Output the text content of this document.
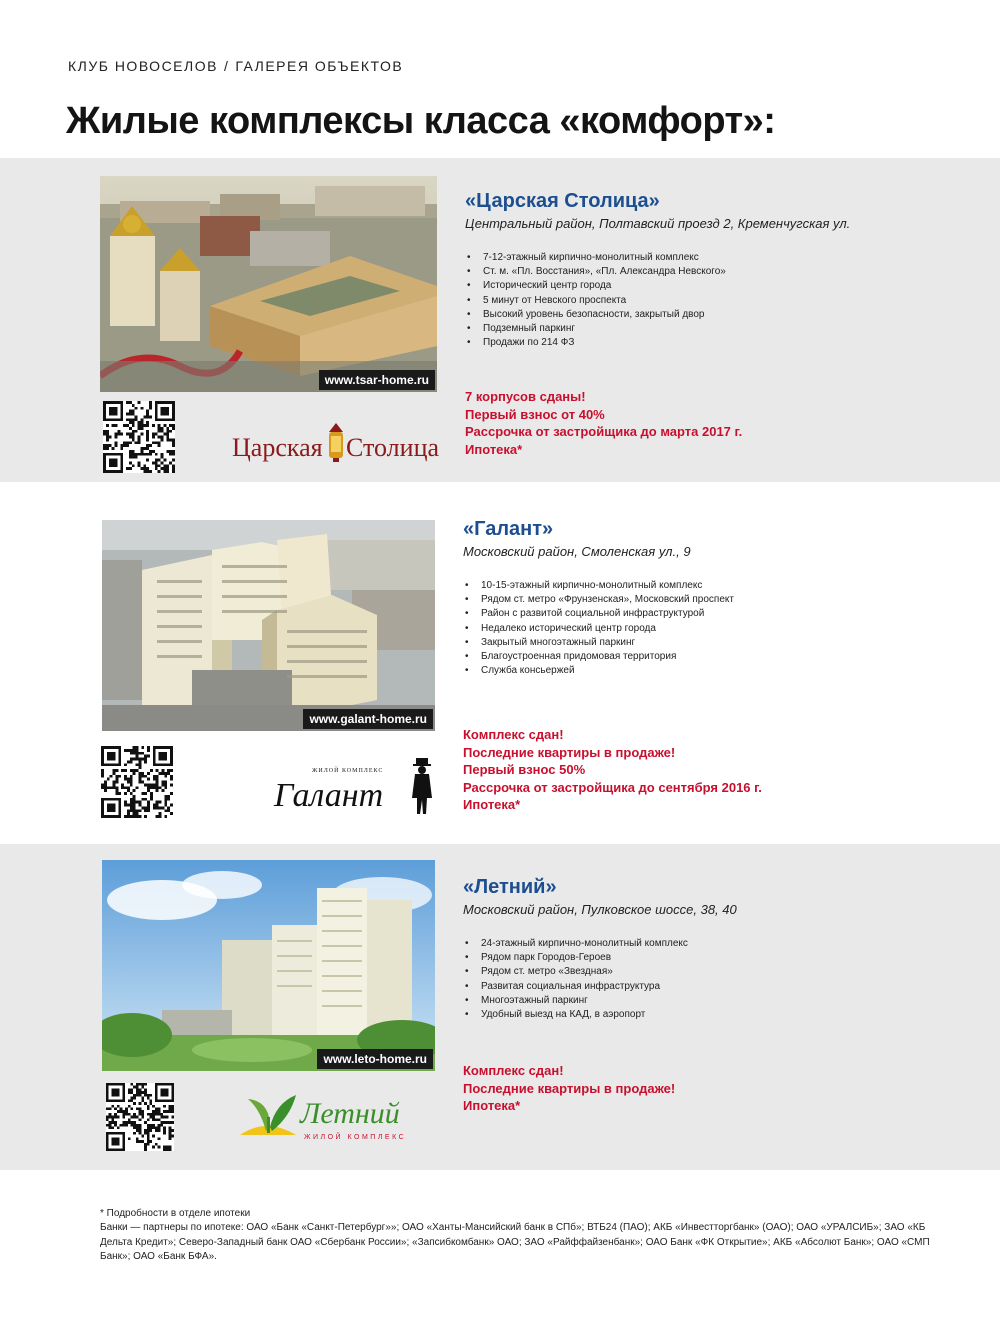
КЛУБ НОВОСЕЛОВ / ГАЛЕРЕЯ ОБЪЕКТОВ
Жилые комплексы класса «комфорт»:
www.tsar-home.ru
Царская Столица
«Царская Столица»

Центральный район, Полтавский проезд 2, Кременчугская ул.

• 7-12-этажный кирпично-монолитный комплекс
• Ст. м. «Пл. Восстания», «Пл. Александра Невского»
• Исторический центр города
• 5 минут от Невского проспекта
• Высокий уровень безопасности, закрытый двор
• Подземный паркинг
• Продажи по 214 ФЗ
7 корпусов сданы!
Первый взнос от 40%
Рассрочка от застройщика до марта 2017 г.
Ипотека*
www.galant-home.ru
ЖИЛОЙ КОМПЛЕКС
Галант
«Галант»

Московский район, Смоленская ул., 9

• 10-15-этажный кирпично-монолитный комплекс
• Рядом ст. метро «Фрунзенская», Московский проспект
• Район с развитой социальной инфраструктурой
• Недалеко исторический центр города
• Закрытый многоэтажный паркинг
• Благоустроенная придомовая территория
• Служба консьержей
Комплекс сдан!
Последние квартиры в продаже!
Первый взнос 50%
Рассрочка от застройщика до сентября 2016 г.
Ипотека*
www.leto-home.ru
Летний
ЖИЛОЙ КОМПЛЕКС
«Летний»

Московский район, Пулковское шоссе, 38, 40

• 24-этажный кирпично-монолитный комплекс
• Рядом парк Городов-Героев
• Рядом ст. метро «Звездная»
• Развитая социальная инфраструктура
• Многоэтажный паркинг
• Удобный выезд на КАД, в аэропорт
Комплекс сдан!
Последние квартиры в продаже!
Ипотека*

* Подробности в отделе ипотеки

Банки — партнеры по ипотеке: ОАО «Банк «Санкт-Петербург»»; ОАО «Ханты-Мансийский банк в СПб»; ВТБ24 (ПАО); АКБ «Инвестторгбанк» (ОАО); ОАО «УРАЛСИБ»; ЗАО «КБ Дельта Кредит»; Северо-Западный банк ОАО «Сбербанк России»; «Запсибкомбанк» ОАО; ЗАО «Райффайзенбанк»; ОАО Банк «ФК Открытие»; АКБ «Абсолют Банк»; ОАО «СМП Банк»; ОАО «Банк БФА».
